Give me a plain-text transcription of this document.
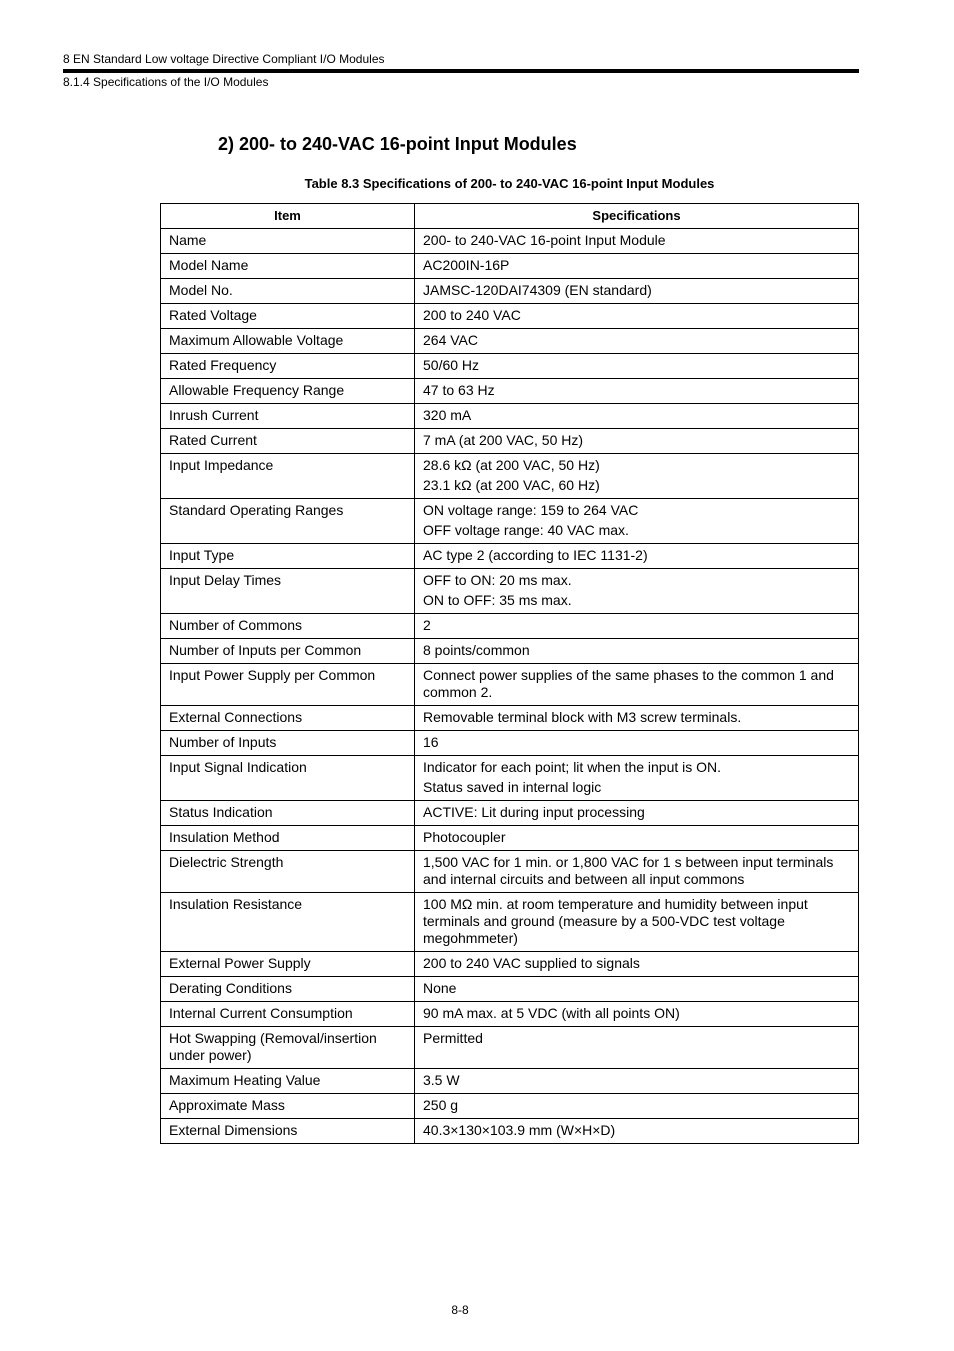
8 EN Standard Low voltage Directive Compliant I/O Modules
8.1.4 Specifications of the I/O Modules
2) 200- to 240-VAC 16-point Input Modules
Table 8.3 Specifications of 200- to 240-VAC 16-point Input Modules
Item	Specifications
Name	200- to 240-VAC 16-point Input Module

Model Name	AC200IN-16P

Model No.	JAMSC-120DAI74309 (EN standard)

Rated Voltage	200 to 240 VAC

Maximum Allowable Voltage	264 VAC

Rated Frequency	50/60 Hz

Allowable Frequency Range	47 to 63 Hz

Inrush Current	320 mA

Rated Current	7 mA (at 200 VAC, 50 Hz)

Input Impedance	28.6 kΩ (at 200 VAC, 50 Hz)
23.1 kΩ (at 200 VAC, 60 Hz)

Standard Operating Ranges	ON voltage range: 159 to 264 VAC
OFF voltage range: 40 VAC max.

Input Type	AC type 2 (according to IEC 1131-2)

Input Delay Times	OFF to ON: 20 ms max.
ON to OFF: 35 ms max.

Number of Commons	2

Number of Inputs per Common	8 points/common

Input Power Supply per Common	Connect power supplies of the same phases to the common 1 and common 2.

External Connections	Removable terminal block with M3 screw terminals.

Number of Inputs	16

Input Signal Indication	Indicator for each point; lit when the input is ON.
Status saved in internal logic

Status Indication	ACTIVE: Lit during input processing

Insulation Method	Photocoupler

Dielectric Strength	1,500 VAC for 1 min. or 1,800 VAC for 1 s between input terminals and internal circuits and between all input commons

Insulation Resistance	100 MΩ min. at room temperature and humidity between input terminals and ground (measure by a 500-VDC test voltage megohmmeter)

External Power Supply	200 to 240 VAC supplied to signals

Derating Conditions	None

Internal Current Consumption	90 mA max. at 5 VDC (with all points ON)

Hot Swapping (Removal/insertion under power)	Permitted

Maximum Heating Value	3.5 W

Approximate Mass	250 g

External Dimensions	40.3×130×103.9 mm (W×H×D)
8-8
